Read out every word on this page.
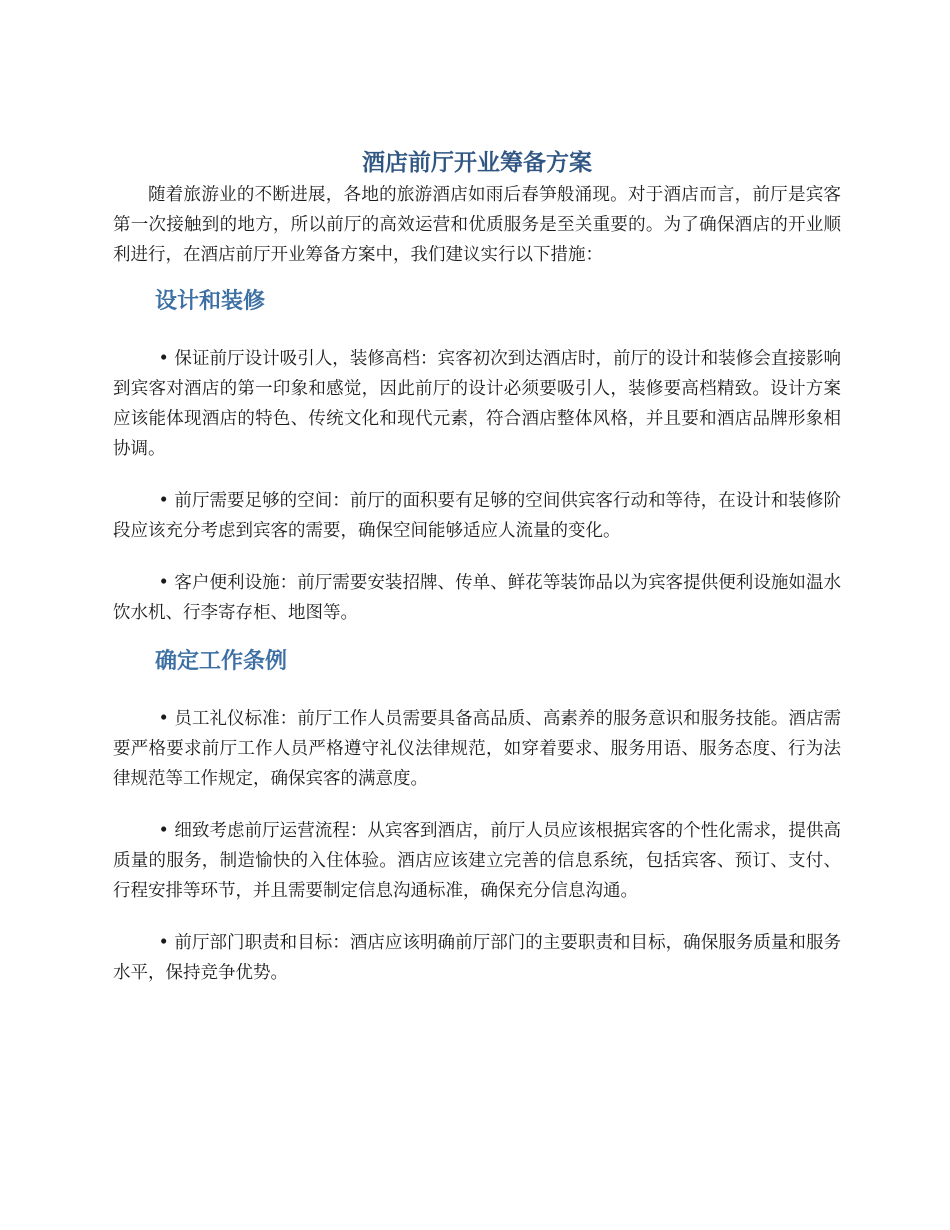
酒店前厅开业筹备方案

随着旅游业的不断进展，各地的旅游酒店如雨后春笋般涌现。对于酒店而言，前厅是宾客第一次接触到的地方，所以前厅的高效运营和优质服务是至关重要的。为了确保酒店的开业顺利进行，在酒店前厅开业筹备方案中，我们建议实行以下措施：

设计和装修

• 保证前厅设计吸引人，装修高档：宾客初次到达酒店时，前厅的设计和装修会直接影响到宾客对酒店的第一印象和感觉，因此前厅的设计必须要吸引人，装修要高档精致。设计方案应该能体现酒店的特色、传统文化和现代元素，符合酒店整体风格，并且要和酒店品牌形象相协调。

• 前厅需要足够的空间：前厅的面积要有足够的空间供宾客行动和等待，在设计和装修阶段应该充分考虑到宾客的需要，确保空间能够适应人流量的变化。

• 客户便利设施：前厅需要安装招牌、传单、鲜花等装饰品以为宾客提供便利设施如温水饮水机、行李寄存柜、地图等。

确定工作条例

• 员工礼仪标准：前厅工作人员需要具备高品质、高素养的服务意识和服务技能。酒店需要严格要求前厅工作人员严格遵守礼仪法律规范，如穿着要求、服务用语、服务态度、行为法律规范等工作规定，确保宾客的满意度。

• 细致考虑前厅运营流程：从宾客到酒店，前厅人员应该根据宾客的个性化需求，提供高质量的服务，制造愉快的入住体验。酒店应该建立完善的信息系统，包括宾客、预订、支付、行程安排等环节，并且需要制定信息沟通标准，确保充分信息沟通。

• 前厅部门职责和目标：酒店应该明确前厅部门的主要职责和目标，确保服务质量和服务水平，保持竞争优势。
